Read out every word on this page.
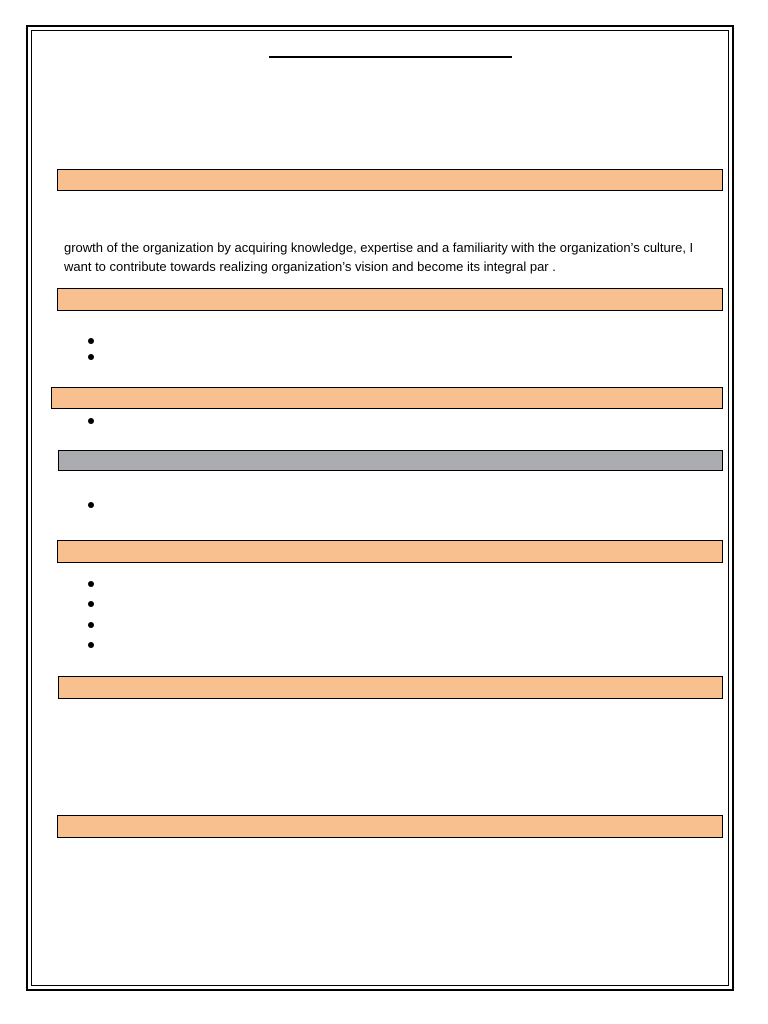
growth of the organization by acquiring knowledge, expertise and a familiarity with the organization’s culture, I want to contribute towards realizing organization’s vision and become its integral par .
